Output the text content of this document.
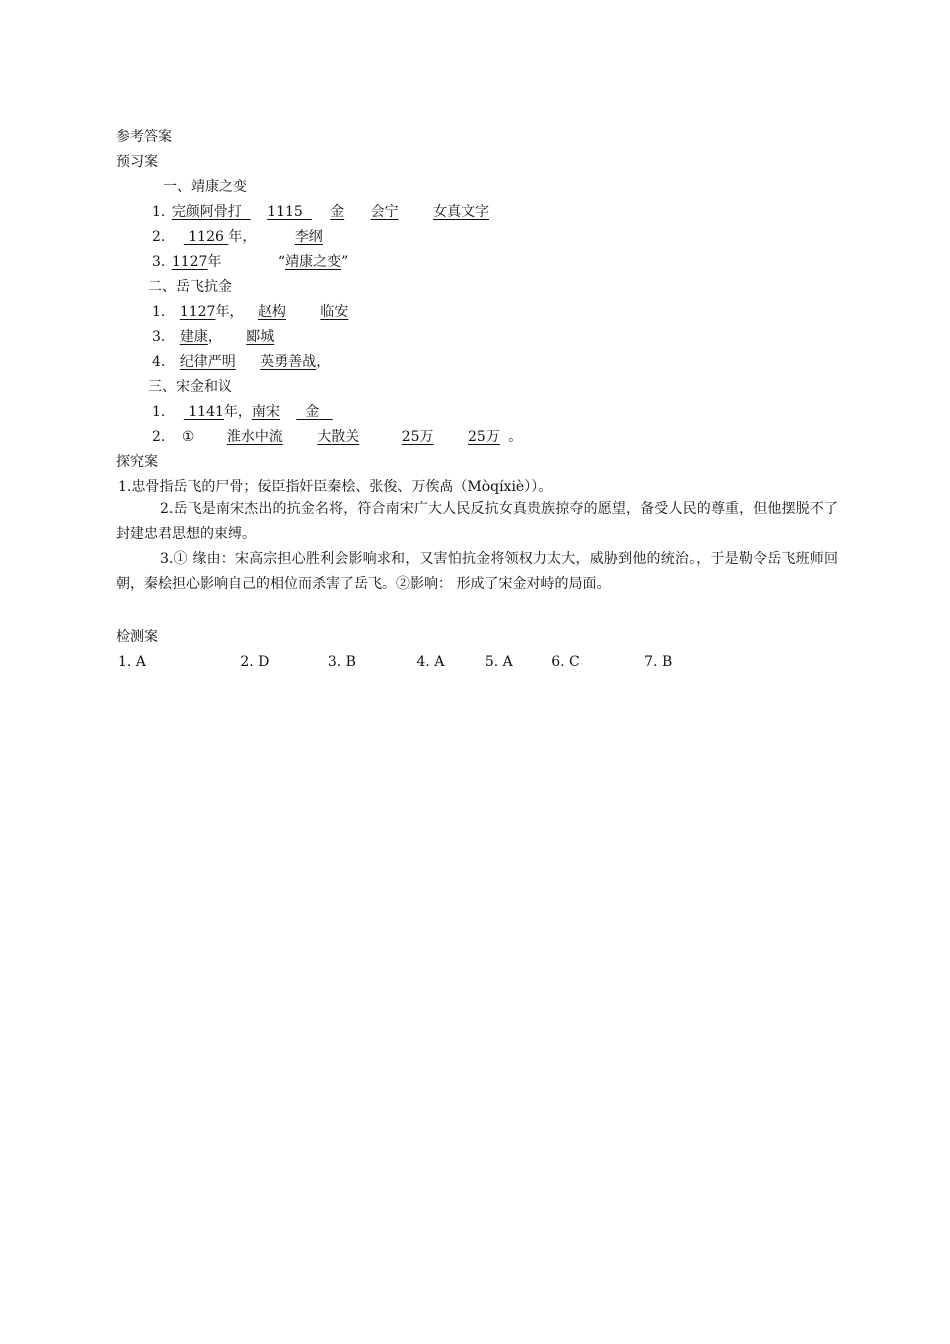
参考答案
预习案
一、靖康之变
1. 完颜阿骨打 1115 金 会宁 女真文字
2. 1126 年，	李纲
3. 1127年	“靖康之变”
二、岳飞抗金
1. 1127年， 赵构 临安
3. 建康， 郾城
4. 纪律严明 英勇善战，
三、宋金和议
1. 1141年，南宋 金
2. ① 淮水中流 大散关	25万 25万 。
探究案
1.忠骨指岳飞的尸骨；佞臣指奸臣秦桧、张俊、万俟卨（Mòqíxiè））。
2.岳飞是南宋杰出的抗金名将，符合南宋广大人民反抗女真贵族掠夺的愿望，备受人民的尊重，但他摆脱不了封建忠君思想的束缚。
3.① 缘由：宋高宗担心胜利会影响求和，又害怕抗金将领权力太大，威胁到他的统治。，于是勒令岳飞班师回朝，秦桧担心影响自己的相位而杀害了岳飞。②影响： 形成了宋金对峙的局面。
检测案
1. A	2. D	3. B	4. A	5. A	6. C	7. B
